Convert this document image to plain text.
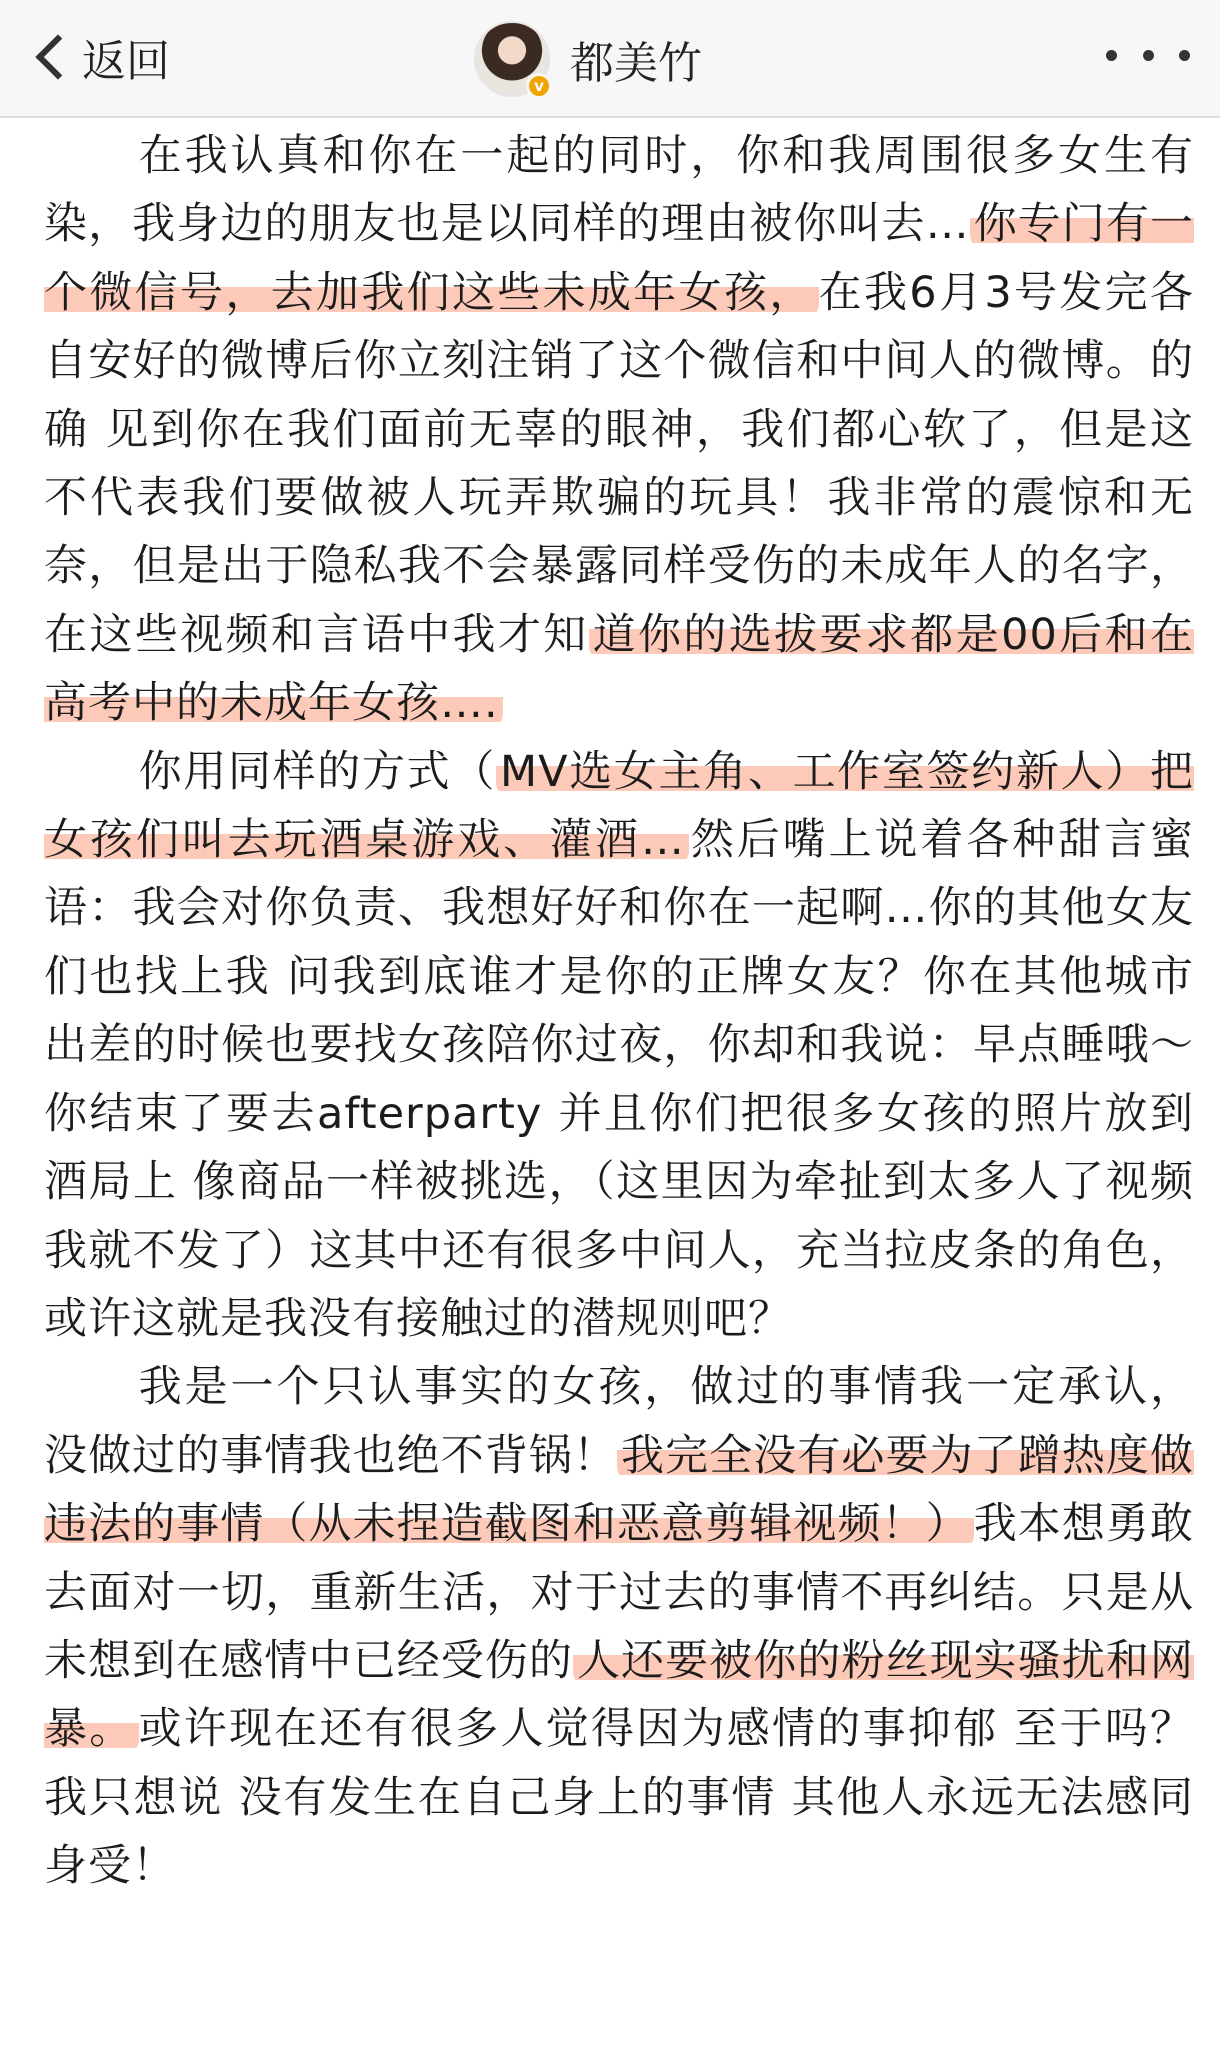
返回	v 都美竹

在我认真和你在一起的同时，你和我周围很多女生有染，我身边的朋友也是以同样的理由被你叫去…你专门有一个微信号，去加我们这些未成年女孩，在我6月3号发完各自安好的微博后你立刻注销了这个微信和中间人的微博。的确 见到你在我们面前无辜的眼神，我们都心软了，但是这不代表我们要做被人玩弄欺骗的玩具！我非常的震惊和无奈，但是出于隐私我不会暴露同样受伤的未成年人的名字，在这些视频和言语中我才知道你的选拔要求都是00后和在高考中的未成年女孩….

你用同样的方式（MV选女主角、工作室签约新人）把女孩们叫去玩酒桌游戏、灌酒…然后嘴上说着各种甜言蜜语：我会对你负责、我想好好和你在一起啊…你的其他女友们也找上我 问我到底谁才是你的正牌女友？你在其他城市出差的时候也要找女孩陪你过夜，你却和我说：早点睡哦～你结束了要去afterparty 并且你们把很多女孩的照片放到酒局上 像商品一样被挑选，（这里因为牵扯到太多人了视频我就不发了）这其中还有很多中间人，充当拉皮条的角色，或许这就是我没有接触过的潜规则吧？

我是一个只认事实的女孩，做过的事情我一定承认，没做过的事情我也绝不背锅！我完全没有必要为了蹭热度做违法的事情（从未捏造截图和恶意剪辑视频！）我本想勇敢去面对一切，重新生活，对于过去的事情不再纠结。只是从未想到在感情中已经受伤的人还要被你的粉丝现实骚扰和网暴。或许现在还有很多人觉得因为感情的事抑郁 至于吗？我只想说 没有发生在自己身上的事情 其他人永远无法感同身受！
